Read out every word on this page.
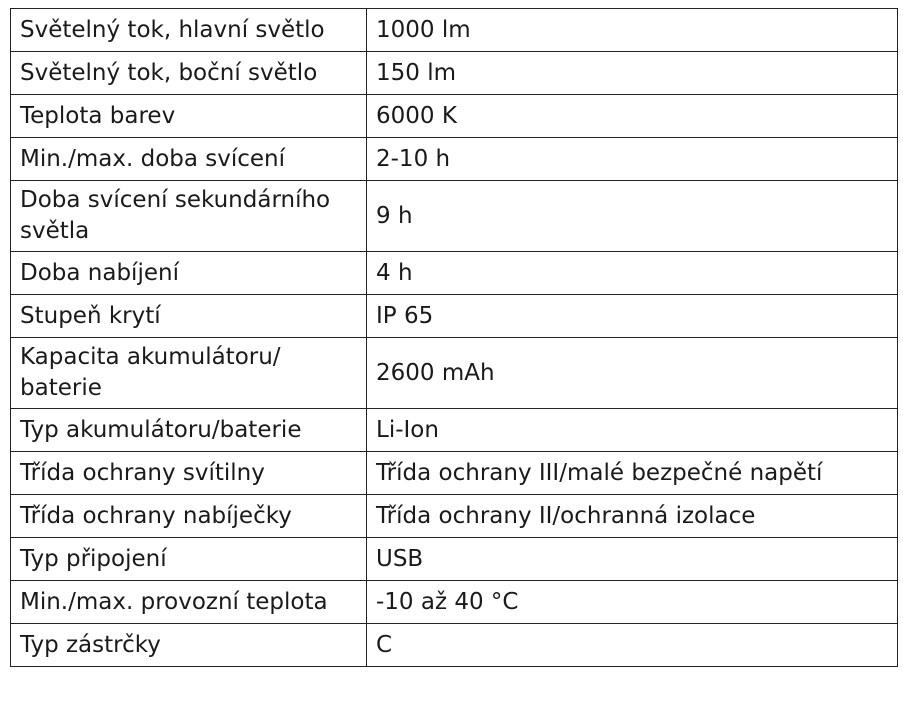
Světelný tok, hlavní světlo	1000 lm
Světelný tok, boční světlo	150 lm
Teplota barev	6000 K
Min./max. doba svícení	2-10 h
Doba svícení sekundárního světla	9 h
Doba nabíjení	4 h
Stupeň krytí	IP 65
Kapacita akumulátoru/ baterie	2600 mAh
Typ akumulátoru/baterie	Li-Ion
Třída ochrany svítilny	Třída ochrany III/malé bezpečné napětí
Třída ochrany nabíječky	Třída ochrany II/ochranná izolace
Typ připojení	USB
Min./max. provozní teplota	-10 až 40 °C
Typ zástrčky	C
